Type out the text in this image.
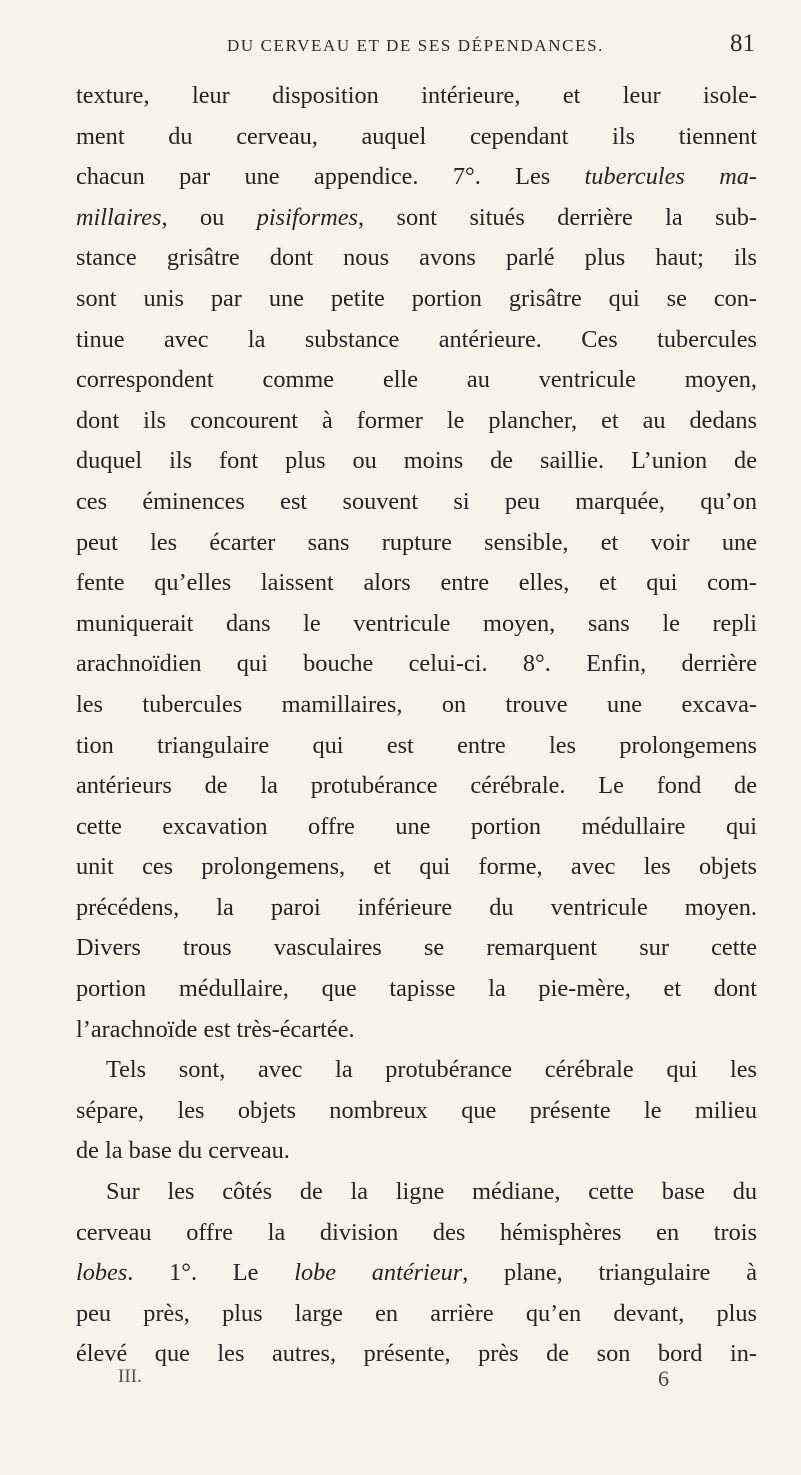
DU CERVEAU ET DE SES DÉPENDANCES.	81
texture, leur disposition intérieure, et leur isole-
ment du cerveau, auquel cependant ils tiennent
chacun par une appendice. 7°. Les tubercules ma-
millaires, ou pisiformes, sont situés derrière la sub-
stance grisâtre dont nous avons parlé plus haut; ils
sont unis par une petite portion grisâtre qui se con-
tinue avec la substance antérieure. Ces tubercules
correspondent comme elle au ventricule moyen,
dont ils concourent à former le plancher, et au dedans
duquel ils font plus ou moins de saillie. L’union de
ces éminences est souvent si peu marquée, qu’on
peut les écarter sans rupture sensible, et voir une
fente qu’elles laissent alors entre elles, et qui com-
muniquerait dans le ventricule moyen, sans le repli
arachnoïdien qui bouche celui-ci. 8°. Enfin, derrière
les tubercules mamillaires, on trouve une excava-
tion triangulaire qui est entre les prolongemens
antérieurs de la protubérance cérébrale. Le fond de
cette excavation offre une portion médullaire qui
unit ces prolongemens, et qui forme, avec les objets
précédens, la paroi inférieure du ventricule moyen.
Divers trous vasculaires se remarquent sur cette
portion médullaire, que tapisse la pie-mère, et dont
l’arachnoïde est très-écartée.
Tels sont, avec la protubérance cérébrale qui les
sépare, les objets nombreux que présente le milieu
de la base du cerveau.
Sur les côtés de la ligne médiane, cette base du
cerveau offre la division des hémisphères en trois
lobes. 1°. Le lobe antérieur, plane, triangulaire à
peu près, plus large en arrière qu’en devant, plus
élevé que les autres, présente, près de son bord in-
III.	6
